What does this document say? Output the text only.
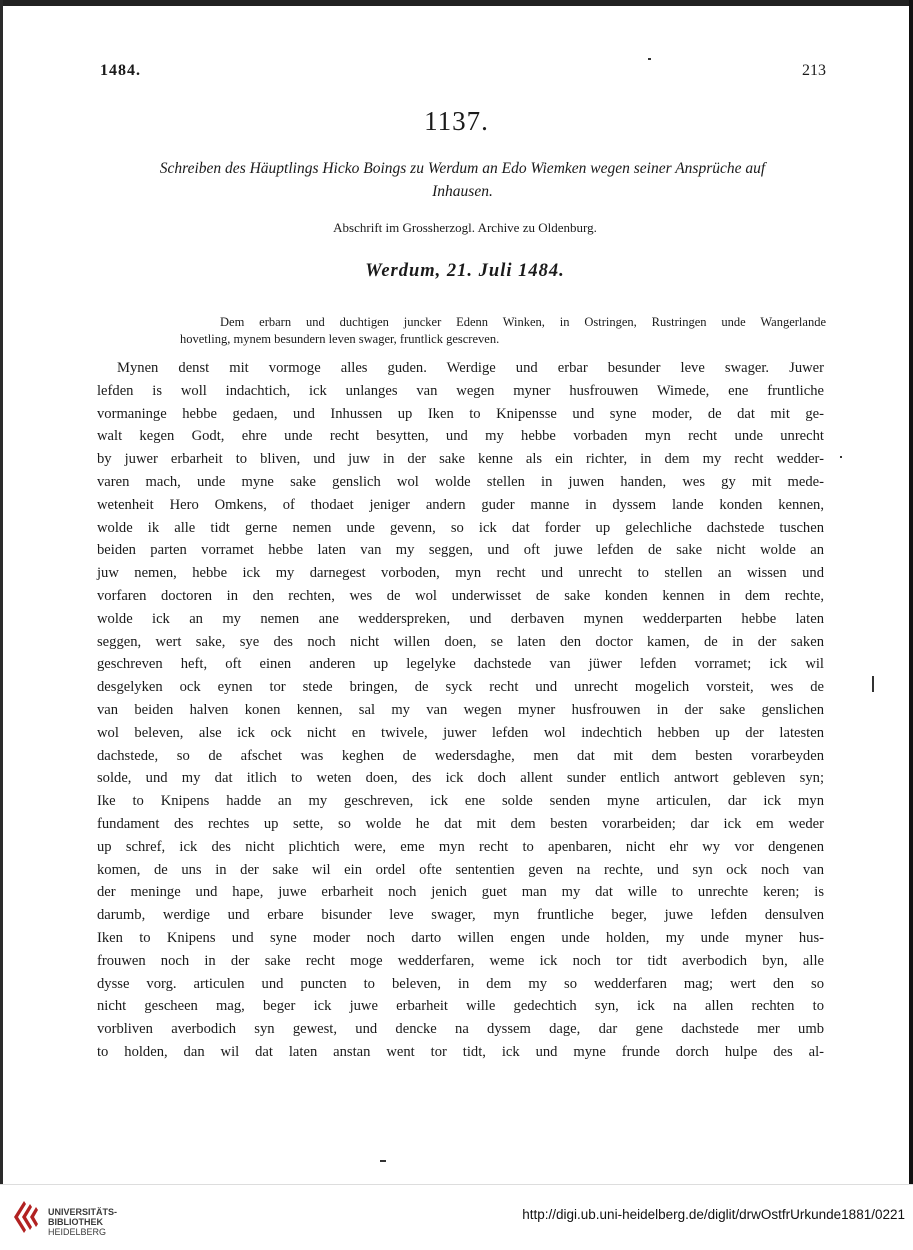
1484.	213
1137.
Schreiben des Häuptlings Hicko Boings zu Werdum an Edo Wiemken wegen seiner Ansprüche auf
Inhausen.
Abschrift im Grossherzogl. Archive zu Oldenburg.
Werdum, 21. Juli 1484.
Dem erbarn und duchtigen juncker Edenn Winken, in Ostringen, Rustringen unde Wangerlande
hovetling, mynem besundern leven swager, fruntlick gescreven.
Mynen denst mit vormoge alles guden. Werdige und erbar besunder leve swager. Juwer
lefden is woll indachtich, ick unlanges van wegen myner husfrouwen Wimede, ene fruntliche
vormaninge hebbe gedaen, und Inhussen up Iken to Knipensse und syne moder, de dat mit ge-
walt kegen Godt, ehre unde recht besytten, und my hebbe vorbaden myn recht unde unrecht
by juwer erbarheit to bliven, und juw in der sake kenne als ein richter, in dem my recht wedder-
varen mach, unde myne sake genslich wol wolde stellen in juwen handen, wes gy mit mede-
wetenheit Hero Omkens, of thodaet jeniger andern guder manne in dyssem lande konden kennen,
wolde ik alle tidt gerne nemen unde gevenn, so ick dat forder up gelechliche dachstede tuschen
beiden parten vorramet hebbe laten van my seggen, und oft juwe lefden de sake nicht wolde an
juw nemen, hebbe ick my darnegest vorboden, myn recht und unrecht to stellen an wissen und
vorfaren doctoren in den rechten, wes de wol underwisset de sake konden kennen in dem rechte,
wolde ick an my nemen ane wedderspreken, und derbaven mynen wedderparten hebbe laten
seggen, wert sake, sye des noch nicht willen doen, se laten den doctor kamen, de in der saken
geschreven heft, oft einen anderen up legelyke dachstede van jüwer lefden vorramet; ick wil
desgelyken ock eynen tor stede bringen, de syck recht und unrecht mogelich vorsteit, wes de
van beiden halven konen kennen, sal my van wegen myner husfrouwen in der sake genslichen
wol beleven, alse ick ock nicht en twivele, juwer lefden wol indechtich hebben up der latesten
dachstede, so de afschet was keghen de wedersdaghe, men dat mit dem besten vorarbeyden
solde, und my dat itlich to weten doen, des ick doch allent sunder entlich antwort gebleven syn;
Ike to Knipens hadde an my geschreven, ick ene solde senden myne articulen, dar ick myn
fundament des rechtes up sette, so wolde he dat mit dem besten vorarbeiden; dar ick em weder
up schref, ick des nicht plichtich were, eme myn recht to apenbaren, nicht ehr wy vor dengenen
komen, de uns in der sake wil ein ordel ofte sententien geven na rechte, und syn ock noch van
der meninge und hape, juwe erbarheit noch jenich guet man my dat wille to unrechte keren; is
darumb, werdige und erbare bisunder leve swager, myn fruntliche beger, juwe lefden densulven
Iken to Knipens und syne moder noch darto willen engen unde holden, my unde myner hus-
frouwen noch in der sake recht moge wedderfaren, weme ick noch tor tidt averbodich byn, alle
dysse vorg. articulen und puncten to beleven, in dem my so wedderfaren mag; wert den so
nicht gescheen mag, beger ick juwe erbarheit wille gedechtich syn, ick na allen rechten to
vorbliven averbodich syn gewest, und dencke na dyssem dage, dar gene dachstede mer umb
to holden, dan wil dat laten anstan went tor tidt, ick und myne frunde dorch hulpe des al-
UNIVERSITÄTS-
BIBLIOTHEK
HEIDELBERG
http://digi.ub.uni-heidelberg.de/diglit/drwOstfrUrkunde1881/0221
